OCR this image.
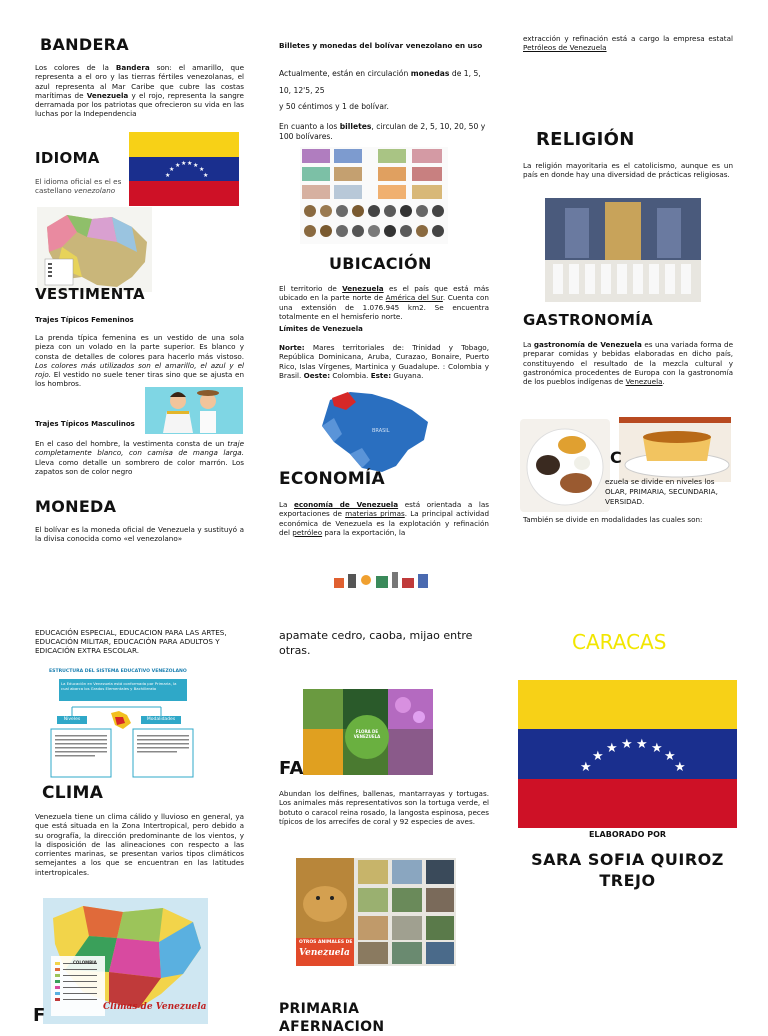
BANDERA
Los colores de la Bandera son: el amarillo, que representa a el oro y las tierras fértiles venezolanas, el azul representa al Mar Caribe que cubre las costas marítimas de Venezuela y el rojo, representa la sangre derramada por los patriotas que ofrecieron su vida en las luchas por la Independencia
IDIOMA
El idioma oficial es el es
castellano venezolano
★
★
★ ★ ★ ★
★
★
VESTIMENTA
Trajes Típicos Femeninos
La prenda típica femenina es un vestido de una sola pieza con un volado en la parte superior. Es blanco y consta de detalles de colores para hacerlo más vistoso. Los colores más utilizados son el amarillo, el azul y el rojo. El vestido no suele tener tiras sino que se ajusta en los hombros.
Trajes Típicos Masculinos
En el caso del hombre, la vestimenta consta de un traje completamente blanco, con camisa de manga larga. Lleva como detalle un sombrero de color marrón. Los zapatos son de color negro
MONEDA
El bolívar es la moneda oficial de Venezuela y sustituyó a la divisa conocida como «el venezolano»
Billetes y monedas del bolívar venezolano en uso
Actualmente, están en circulación monedas de 1, 5,
10, 12'5, 25
y 50 céntimos y 1 de bolívar.
En cuanto a los billetes, circulan de 2, 5, 10, 20, 50 y 100 bolívares.
UBICACIÓN
El territorio de Venezuela es el país que está más ubicado en la parte norte de América del Sur. Cuenta con una extensión de 1.076.945 km2. Se encuentra totalmente en el hemisferio norte.
Límites de Venezuela
Norte: Mares territoriales de: Trinidad y Tobago, República Dominicana, Aruba, Curazao, Bonaire, Puerto Rico, Islas Vírgenes, Martinica y Guadalupe. : Colombia y Brasil. Oeste: Colombia. Este: Guyana.
BRASIL
ECONOMÍA
La economía de Venezuela está orientada a las exportaciones de materias primas. La principal actividad económica de Venezuela es la explotación y refinación del petróleo para la exportación, la
extracción y refinación está a cargo la empresa estatal Petróleos de Venezuela
RELIGIÓN
La religión mayoritaria es el catolicismo, aunque es un país en donde hay una diversidad de prácticas religiosas.
GASTRONOMÍA
La gastronomía de Venezuela es una variada forma de preparar comidas y bebidas elaboradas en dicho país, constituyendo el resultado de la mezcla cultural y gastronómica procedentes de Europa con la gastronomía de los pueblos indígenas de Venezuela.
C
ezuela se divide en niveles los
OLAR, PRIMARIA, SECUNDARIA,
VERSIDAD.
También se divide en modalidades las cuales son:
EDUCACIÓN ESPECIAL, EDUCACION PARA LAS ARTES, EDUCACIÓN MILITAR, EDUCACIÓN PARA ADULTOS Y EDICACIÓN EXTRA ESCOLAR.
ESTRUCTURA DEL SISTEMA EDUCATIVO VENEZOLANO
La Educación en Venezuela está conformada por Primaria, la cual abarca los Grados Elementales y Bachillerato
Niveles	Modalidades
CLIMA
Venezuela tiene un clima cálido y lluvioso en general, ya que está situada en la Zona Intertropical, pero debido a su orografía, la dirección predominante de los vientos, y la disposición de las alineaciones con respecto a las corrientes marinas, se presentan varios tipos climáticos semejantes a los que se encuentran en las latitudes intertropicales.
COLOMBIA
Climas de Venezuela
F
apamate cedro, caoba, mijao entre otras.
FLORA DE VENEZUELA
FA
Abundan los delfines, ballenas, mantarrayas y tortugas. Los animales más representativos son la tortuga verde, el botuto o caracol reina rosado, la langosta espinosa, peces típicos de los arrecifes de coral y 92 especies de aves.
OTROS ANIMALES DE
Venezuela
PRIMARIA
AFERNACION
CARACAS
★
★
★ ★ ★ ★
★
★
ELABORADO POR
SARA SOFIA QUIROZ TREJO
